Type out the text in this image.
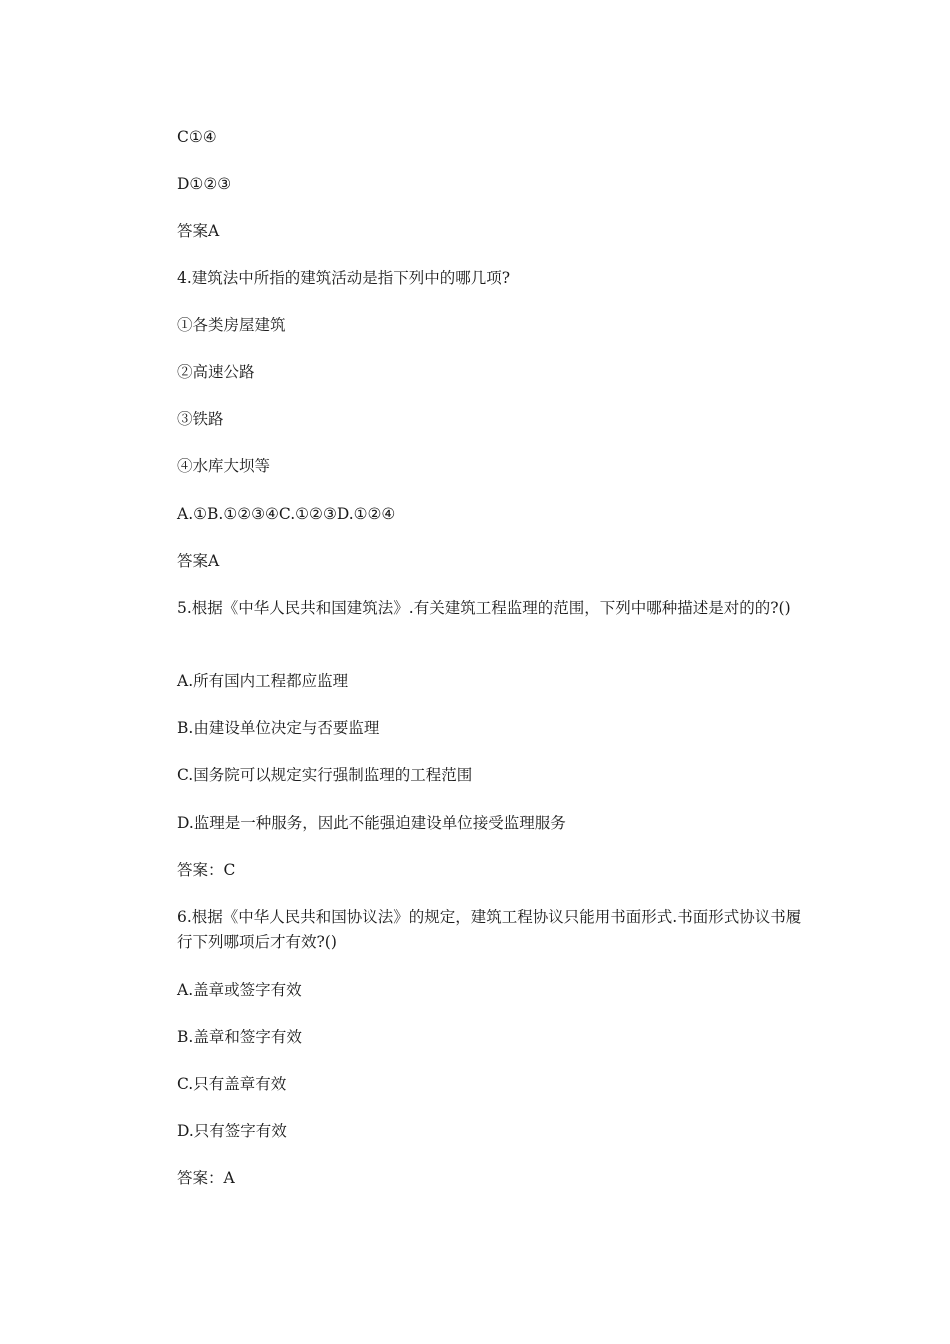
C①④
D①②③
答案A
4.建筑法中所指的建筑活动是指下列中的哪几项?
①各类房屋建筑
②高速公路
③铁路
④水库大坝等
A.①B.①②③④C.①②③D.①②④
答案A
5.根据《中华人民共和国建筑法》.有关建筑工程监理的范围，下列中哪种描述是对的的?()
A.所有国内工程都应监理
B.由建设单位决定与否要监理
C.国务院可以规定实行强制监理的工程范围
D.监理是一种服务，因此不能强迫建设单位接受监理服务
答案：C
6.根据《中华人民共和国协议法》的规定，建筑工程协议只能用书面形式.书面形式协议书履行下列哪项后才有效?()
A.盖章或签字有效
B.盖章和签字有效
C.只有盖章有效
D.只有签字有效
答案：A
